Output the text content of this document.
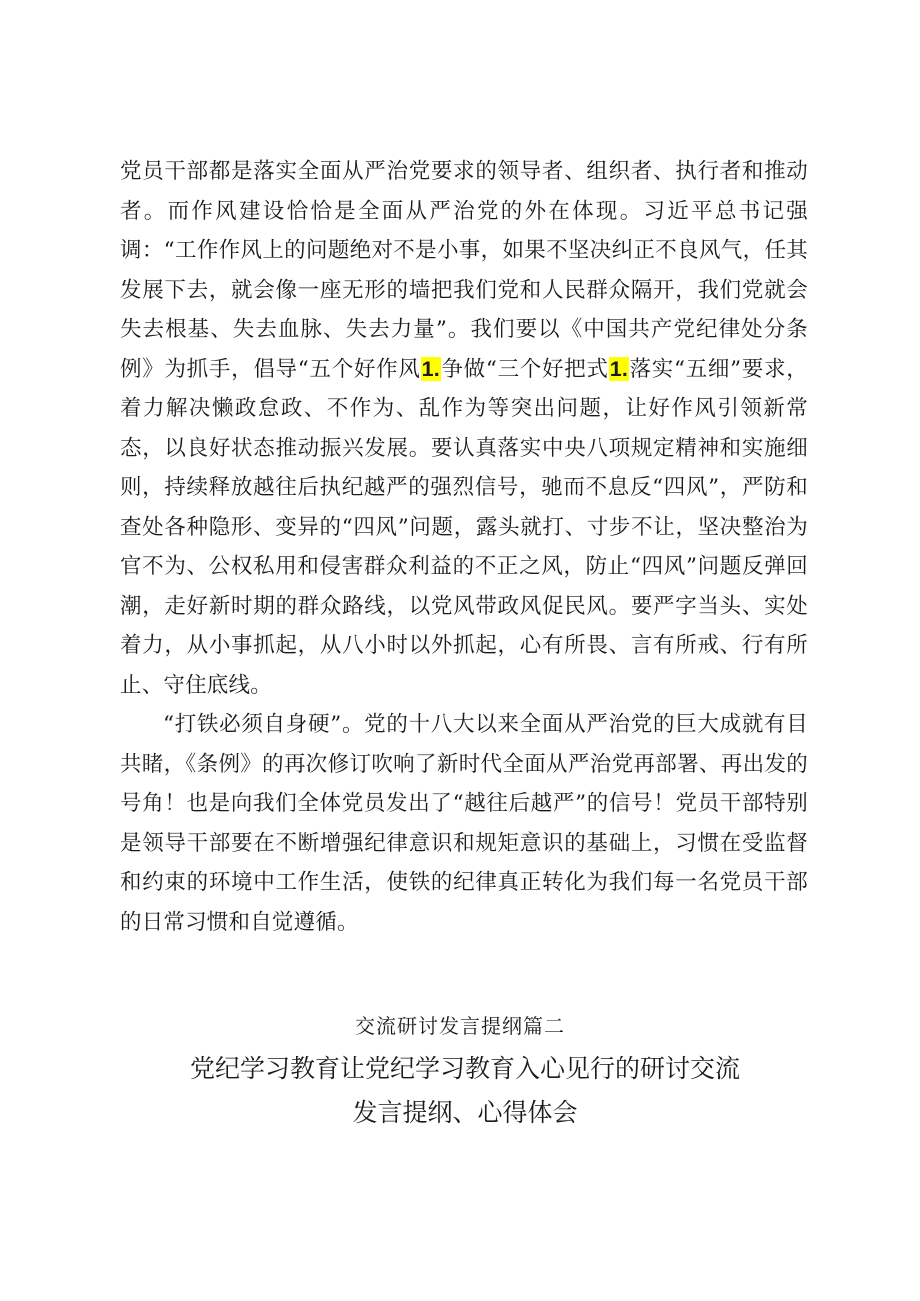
党员干部都是落实全面从严治党要求的领导者、组织者、执行者和推动者。而作风建设恰恰是全面从严治党的外在体现。习近平总书记强调：“工作作风上的问题绝对不是小事，如果不坚决纠正不良风气，任其发展下去，就会像一座无形的墙把我们党和人民群众隔开，我们党就会失去根基、失去血脉、失去力量”。我们要以《中国共产党纪律处分条例》为抓手，倡导“五个好作风1.争做“三个好把式1.落实“五细”要求，着力解决懒政怠政、不作为、乱作为等突出问题，让好作风引领新常态，以良好状态推动振兴发展。要认真落实中央八项规定精神和实施细则，持续释放越往后执纪越严的强烈信号，驰而不息反“四风”，严防和查处各种隐形、变异的“四风”问题，露头就打、寸步不让，坚决整治为官不为、公权私用和侵害群众利益的不正之风，防止“四风”问题反弹回潮，走好新时期的群众路线，以党风带政风促民风。要严字当头、实处着力，从小事抓起，从八小时以外抓起，心有所畏、言有所戒、行有所止、守住底线。

“打铁必须自身硬”。党的十八大以来全面从严治党的巨大成就有目共睹，《条例》的再次修订吹响了新时代全面从严治党再部署、再出发的号角！也是向我们全体党员发出了“越往后越严”的信号！党员干部特别是领导干部要在不断增强纪律意识和规矩意识的基础上，习惯在受监督和约束的环境中工作生活，使铁的纪律真正转化为我们每一名党员干部的日常习惯和自觉遵循。

交流研讨发言提纲篇二
党纪学习教育让党纪学习教育入心见行的研讨交流
发言提纲、心得体会
